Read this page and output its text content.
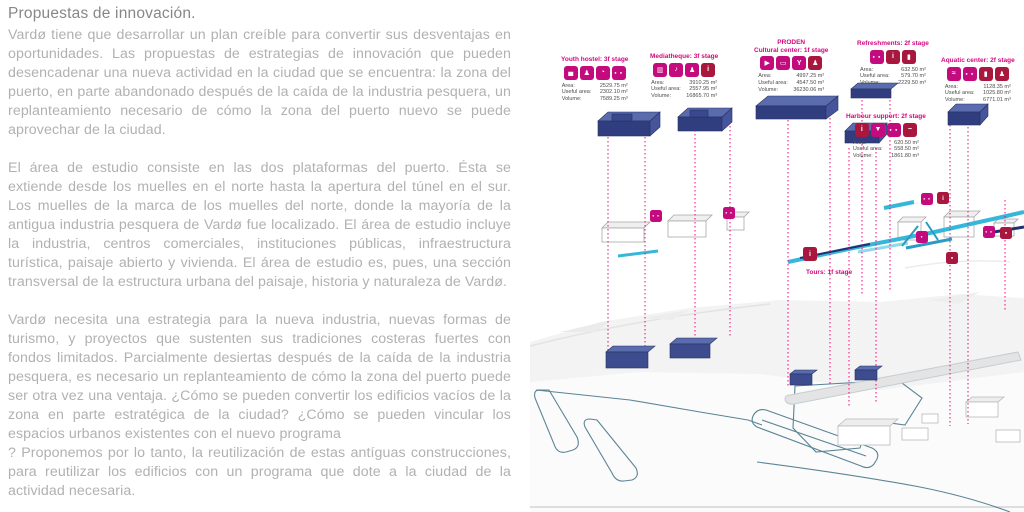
Propuestas de innovación.

Vardø tiene que desarrollar un plan creíble para convertir sus desventajas en oportunidades. Las propuestas de estrategias de innovación que pueden desencadenar una nueva actividad en la ciudad que se encuentra: la zona del puerto, en parte abandonado después de la caída de la industria pesquera, un replanteamiento necesario de cómo la zona del puerto nuevo se puede aprovechar de la ciudad.

El área de estudio consiste en las dos plataformas del puerto. Ésta se extiende desde los muelles en el norte hasta la apertura del túnel en el sur. Los muelles de la marca de los muelles del norte, donde la mayoría de la antigua industria pesquera de Vardø fue localizado. El área de estudio incluye la industria, centros comerciales, instituciones públicas, infraestructura turística, paisaje abierto y vivienda. El área de estudio es, pues, una sección transversal de la estructura urbana del paisaje, historia y naturaleza de Vardø.

Vardø necesita una estrategia para la nueva industria, nuevas formas de turismo, y proyectos que sustenten sus tradiciones costeras fuertes con fondos limitados. Parcialmente desiertas después de la caída de la industria pesquera, es necesario un replanteamiento de cómo la zona del puerto puede ser otra vez una ventaja. ¿Cómo se pueden convertir los edificios vacíos de la zona en parte estratégica de la ciudad? ¿Cómo se pueden vincular los espacios urbanos existentes con el nuevo programa

? Proponemos por lo tanto, la reutilización de estas antíguas construcciones, para reutilizar los edificios con un programa que dote a la ciudad de la actividad necesaria.

Youth hostel: 3f stage
▄	♟	◔	● ●
Area:	2529.75 m²
Useful area: 2302.10 m²
Volume:	7589.25 m³
Mediatheque: 3f stage
▥	♪	♟	i
Area:	3910.25 m²
Useful area: 2557.95 m²
Volume:	16865.70 m³
PRODEN
Cultural center: 1f stage
▶	▭	Y	♟
Area:	4997.25 m²
Useful area: 4547.50 m²
Volume:	36230.06 m³
Refreshments: 2f stage
● ●	i	▮
Area:	632.50 m²
Useful area: 579.70 m²
Volume:	2229.50 m³
Aquatic center: 2f stage
≈	● ●	▮	♟
Area:	1128.35 m²
Useful area: 1025.80 m²
Volume:	6771.01 m³
Harbour support: 2f stage
i	▼	● ●	−
Area:	620.50 m²
Useful area: 558.50 m²
Volume:	1861.80 m³
i
Tours: 1f stage
● ●
● ●
● ●	i
●
● ●	▪
▪
